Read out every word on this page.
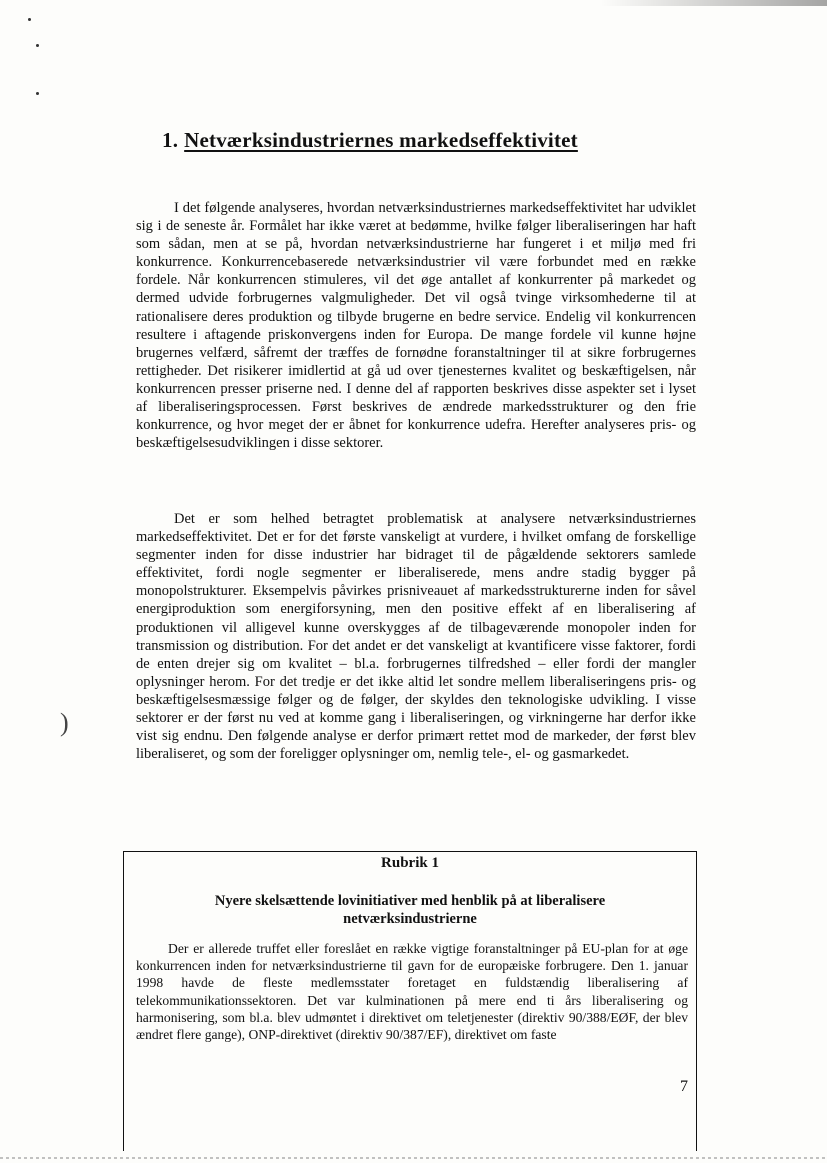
)
1. Netværksindustriernes markedseffektivitet

I det følgende analyseres, hvordan netværksindustriernes markedseffektivitet har udviklet sig i de seneste år. Formålet har ikke været at bedømme, hvilke følger liberaliseringen har haft som sådan, men at se på, hvordan netværksindustrierne har fungeret i et miljø med fri konkurrence. Konkurrencebaserede netværksindustrier vil være forbundet med en række fordele. Når konkurrencen stimuleres, vil det øge antallet af konkurrenter på markedet og dermed udvide forbrugernes valgmuligheder. Det vil også tvinge virksomhederne til at rationalisere deres produktion og tilbyde brugerne en bedre service. Endelig vil konkurrencen resultere i aftagende priskonvergens inden for Europa. De mange fordele vil kunne højne brugernes velfærd, såfremt der træffes de fornødne foranstaltninger til at sikre forbrugernes rettigheder. Det risikerer imidlertid at gå ud over tjenesternes kvalitet og beskæftigelsen, når konkurrencen presser priserne ned. I denne del af rapporten beskrives disse aspekter set i lyset af liberaliseringsprocessen. Først beskrives de ændrede markedsstrukturer og den frie konkurrence, og hvor meget der er åbnet for konkurrence udefra. Herefter analyseres pris- og beskæftigelsesudviklingen i disse sektorer.

Det er som helhed betragtet problematisk at analysere netværksindustriernes markedseffektivitet. Det er for det første vanskeligt at vurdere, i hvilket omfang de forskellige segmenter inden for disse industrier har bidraget til de pågældende sektorers samlede effektivitet, fordi nogle segmenter er liberaliserede, mens andre stadig bygger på monopolstrukturer. Eksempelvis påvirkes prisniveauet af markedsstrukturerne inden for såvel energiproduktion som energiforsyning, men den positive effekt af en liberalisering af produktionen vil alligevel kunne overskygges af de tilbageværende monopoler inden for transmission og distribution. For det andet er det vanskeligt at kvantificere visse faktorer, fordi de enten drejer sig om kvalitet – bl.a. forbrugernes tilfredshed – eller fordi der mangler oplysninger herom. For det tredje er det ikke altid let sondre mellem liberaliseringens pris- og beskæftigelsesmæssige følger og de følger, der skyldes den teknologiske udvikling. I visse sektorer er der først nu ved at komme gang i liberaliseringen, og virkningerne har derfor ikke vist sig endnu. Den følgende analyse er derfor primært rettet mod de markeder, der først blev liberaliseret, og som der foreligger oplysninger om, nemlig tele-, el- og gasmarkedet.

Rubrik 1
Nyere skelsættende lovinitiativer med henblik på at liberalisere netværksindustrierne
Der er allerede truffet eller foreslået en række vigtige foranstaltninger på EU-plan for at øge konkurrencen inden for netværksindustrierne til gavn for de europæiske forbrugere. Den 1. januar 1998 havde de fleste medlemsstater foretaget en fuldstændig liberalisering af telekommunikationssektoren. Det var kulminationen på mere end ti års liberalisering og harmonisering, som bl.a. blev udmøntet i direktivet om teletjenester (direktiv 90/388/EØF, der blev ændret flere gange), ONP-direktivet (direktiv 90/387/EF), direktivet om faste
7
